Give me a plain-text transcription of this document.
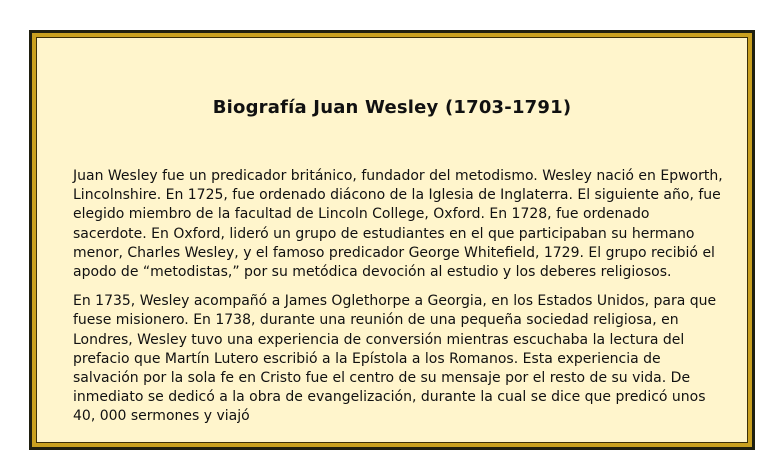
Biografía Juan Wesley (1703-1791)

Juan Wesley fue un predicador británico, fundador del metodismo. Wesley nació en Epworth, Lincolnshire. En 1725, fue ordenado diácono de la Iglesia de Inglaterra. El siguiente año, fue elegido miembro de la facultad de Lincoln College, Oxford. En 1728, fue ordenado sacerdote. En Oxford, lideró un grupo de estudiantes en el que participaban su hermano menor, Charles Wesley, y el famoso predicador George Whitefield, 1729. El grupo recibió el apodo de “metodistas,” por su metódica devoción al estudio y los deberes religiosos.

En 1735, Wesley acompañó a James Oglethorpe a Georgia, en los Estados Unidos, para que fuese misionero. En 1738, durante una reunión de una pequeña sociedad religiosa, en Londres, Wesley tuvo una experiencia de conversión mientras escuchaba la lectura del prefacio que Martín Lutero escribió a la Epístola a los Romanos. Esta experiencia de salvación por la sola fe en Cristo fue el centro de su mensaje por el resto de su vida. De inmediato se dedicó a la obra de evangelización, durante la cual se dice que predicó unos 40, 000 sermones y viajó
